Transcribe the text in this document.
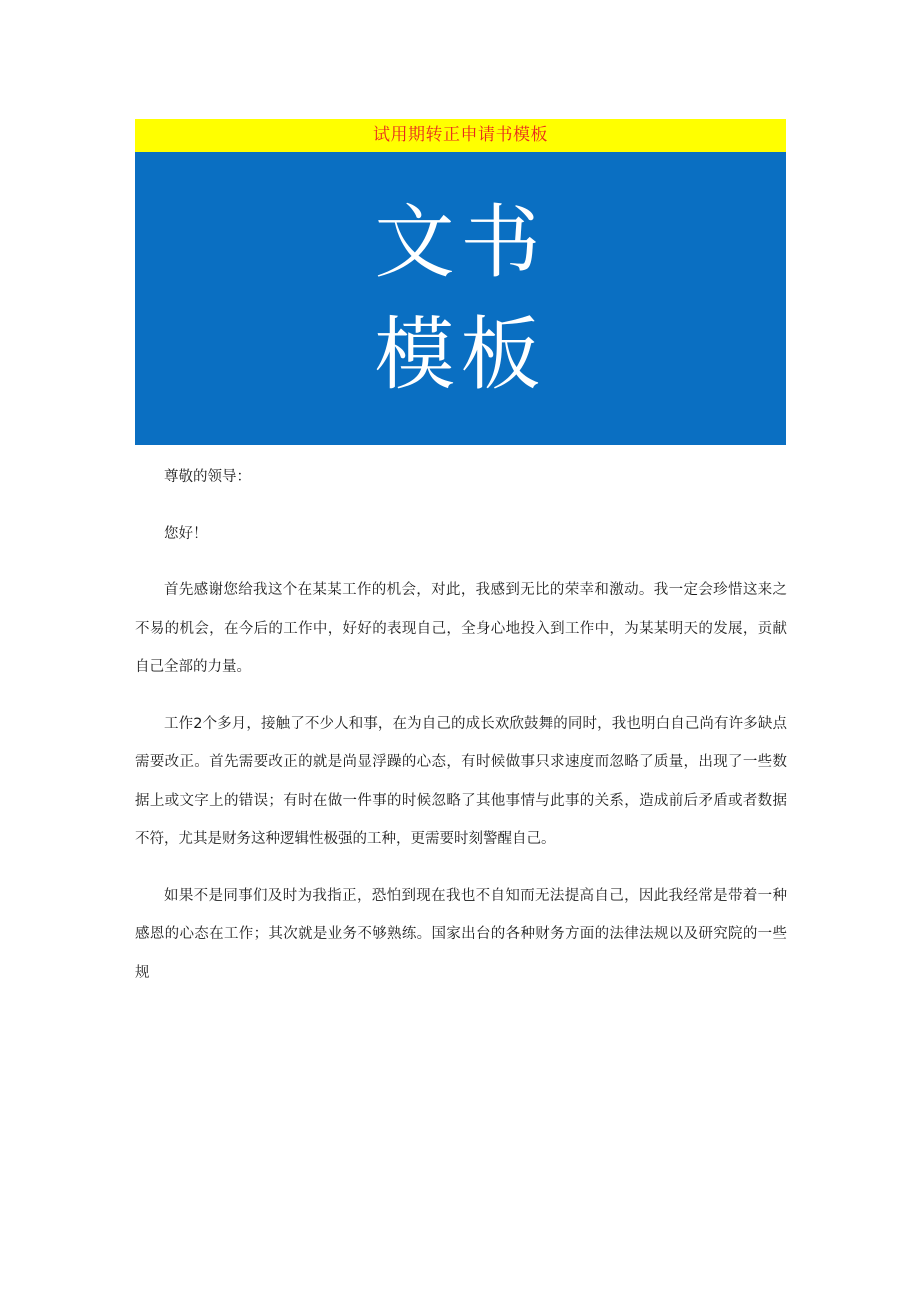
试用期转正申请书模板
文书
模板

尊敬的领导：

您好！

首先感谢您给我这个在某某工作的机会，对此，我感到无比的荣幸和激动。我一定会珍惜这来之不易的机会，在今后的工作中，好好的表现自己，全身心地投入到工作中，为某某明天的发展，贡献自己全部的力量。

工作2个多月，接触了不少人和事，在为自己的成长欢欣鼓舞的同时，我也明白自己尚有许多缺点需要改正。首先需要改正的就是尚显浮躁的心态，有时候做事只求速度而忽略了质量，出现了一些数据上或文字上的错误；有时在做一件事的时候忽略了其他事情与此事的关系，造成前后矛盾或者数据不符，尤其是财务这种逻辑性极强的工种，更需要时刻警醒自己。

如果不是同事们及时为我指正，恐怕到现在我也不自知而无法提高自己，因此我经常是带着一种感恩的心态在工作；其次就是业务不够熟练。国家出台的各种财务方面的法律法规以及研究院的一些规
